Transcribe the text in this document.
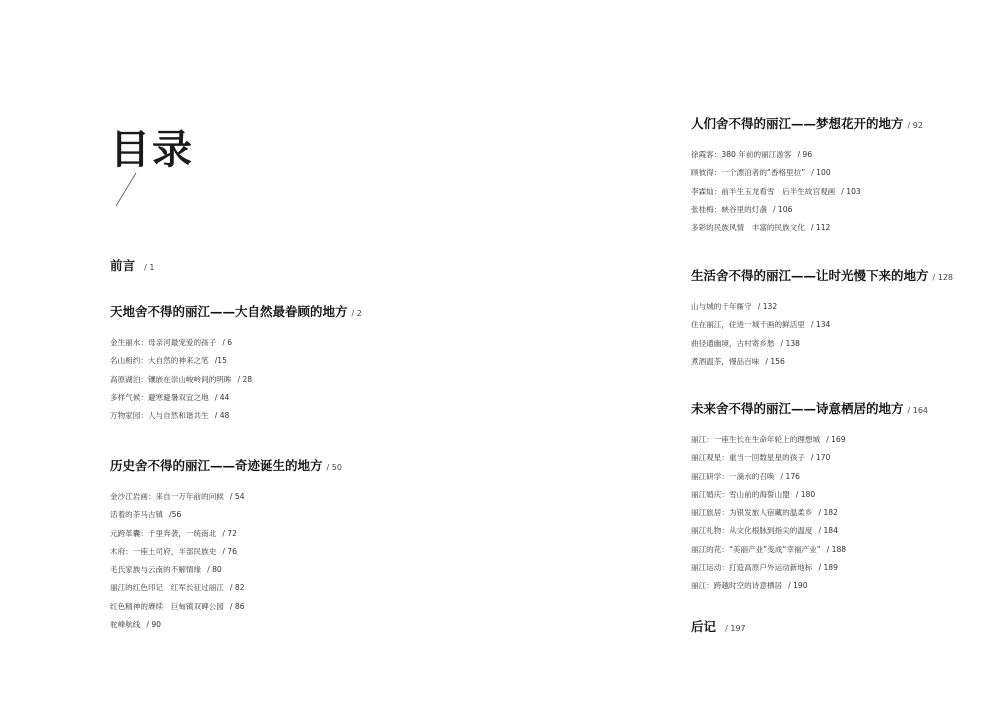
目录
前言 / 1
天地舍不得的丽江——大自然最眷顾的地方 / 2
金生丽水：母亲河最宠爱的孩子 / 6
名山相约：大自然的神来之笔 /15
高原湖泊：镶嵌在崇山峻岭间的明眸 / 28
多样气候：避寒避暑双宜之地 / 44
万物家园：人与自然和谐共生 / 48
历史舍不得的丽江——奇迹诞生的地方 / 50
金沙江岩画：来自一万年前的问候 / 54
活着的茶马古镇 /56
元跨革囊：千里奔袭，一统南北 / 72
木府：一座土司府，半部民族史 / 76
毛氏家族与云南的不解情缘 / 80
丽江的红色印记　红军长征过丽江 / 82
红色精神的赓续　巨甸镇双碑公园 / 86
驼峰航线 / 90
人们舍不得的丽江——梦想花开的地方 / 92
徐霞客：380 年前的丽江游客 / 96
顾彼得：一个漂泊者的“香格里拉” / 100
李霖灿：前半生玉龙看雪　后半生故宫观画 / 103
张桂梅：峡谷里的灯盏 / 106
多彩的民族风情　丰富的民族文化 / 112
生活舍不得的丽江——让时光慢下来的地方 / 128
山与城的千年厮守 / 132
住在丽江，住进一城千画的鲜活里 / 134
曲径通幽境，古村寄乡愁 / 138
煮酒温茶，慢品百味 / 156
未来舍不得的丽江——诗意栖居的地方 / 164
丽江：一座生长在生命年轮上的理想城 / 169
丽江观星：重当一回数星星的孩子 / 170
丽江研学：一滴水的召唤 / 176
丽江婚庆：雪山前的海誓山盟 / 180
丽江旅居：为银发旅人宿藏的温柔乡 / 182
丽江礼物：从文化根脉到指尖的温度 / 184
丽江的花：“美丽产业”变成“幸福产业” / 188
丽江运动：打造高原户外运动新地标 / 189
丽江：跨越时空的诗意栖居 / 190
后记 / 197
